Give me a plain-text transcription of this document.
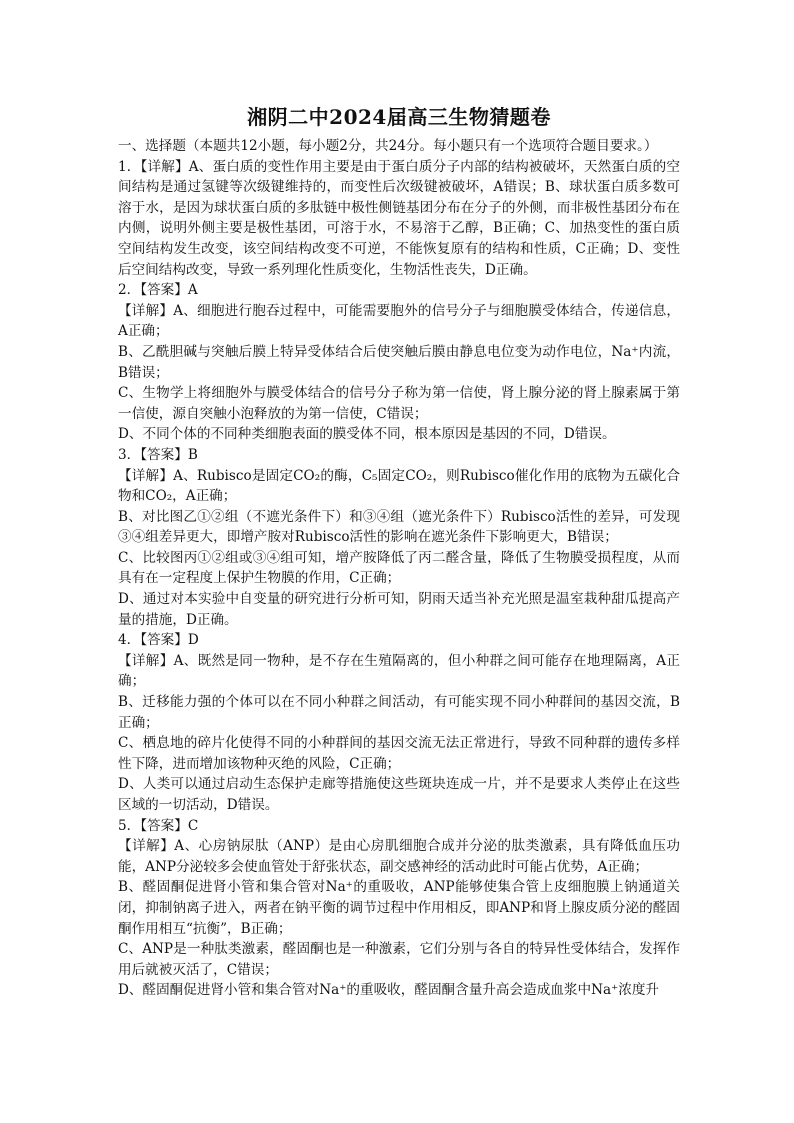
湘阴二中2024届高三生物猜题卷
一、选择题（本题共12小题，每小题2分，共24分。每小题只有一个选项符合题目要求。）

1．【详解】A、蛋白质的变性作用主要是由于蛋白质分子内部的结构被破坏，天然蛋白质的空间结构是通过氢键等次级键维持的，而变性后次级键被破坏，A错误；B、球状蛋白质多数可溶于水，是因为球状蛋白质的多肽链中极性侧链基团分布在分子的外侧，而非极性基团分布在内侧，说明外侧主要是极性基团，可溶于水，不易溶于乙醇，B正确；C、加热变性的蛋白质空间结构发生改变，该空间结构改变不可逆，不能恢复原有的结构和性质，C正确；D、变性后空间结构改变，导致一系列理化性质变化，生物活性丧失，D正确。

2．【答案】A

【详解】A、细胞进行胞吞过程中，可能需要胞外的信号分子与细胞膜受体结合，传递信息，A正确；

B、乙酰胆碱与突触后膜上特异受体结合后使突触后膜由静息电位变为动作电位，Na⁺内流，B错误；

C、生物学上将细胞外与膜受体结合的信号分子称为第一信使，肾上腺分泌的肾上腺素属于第一信使，源自突触小泡释放的为第一信使，C错误；

D、不同个体的不同种类细胞表面的膜受体不同，根本原因是基因的不同，D错误。

3．【答案】B

【详解】A、Rubisco是固定CO₂的酶，C₅固定CO₂，则Rubisco催化作用的底物为五碳化合物和CO₂，A正确；

B、对比图乙①②组（不遮光条件下）和③④组（遮光条件下）Rubisco活性的差异，可发现③④组差异更大，即增产胺对Rubisco活性的影响在遮光条件下影响更大，B错误；

C、比较图丙①②组或③④组可知，增产胺降低了丙二醛含量，降低了生物膜受损程度，从而具有在一定程度上保护生物膜的作用，C正确；

D、通过对本实验中自变量的研究进行分析可知，阴雨天适当补充光照是温室栽种甜瓜提高产量的措施，D正确。

4．【答案】D

【详解】A、既然是同一物种，是不存在生殖隔离的，但小种群之间可能存在地理隔离，A正确；

B、迁移能力强的个体可以在不同小种群之间活动，有可能实现不同小种群间的基因交流，B正确；

C、栖息地的碎片化使得不同的小种群间的基因交流无法正常进行，导致不同种群的遗传多样性下降，进而增加该物种灭绝的风险，C正确；

D、人类可以通过启动生态保护走廊等措施使这些斑块连成一片，并不是要求人类停止在这些区域的一切活动，D错误。

5．【答案】C

【详解】A、心房钠尿肽（ANP）是由心房肌细胞合成并分泌的肽类激素，具有降低血压功能，ANP分泌较多会使血管处于舒张状态，副交感神经的活动此时可能占优势，A正确；

B、醛固酮促进肾小管和集合管对Na⁺的重吸收，ANP能够使集合管上皮细胞膜上钠通道关闭，抑制钠离子进入，两者在钠平衡的调节过程中作用相反，即ANP和肾上腺皮质分泌的醛固酮作用相互“抗衡”，B正确；

C、ANP是一种肽类激素，醛固酮也是一种激素，它们分别与各自的特异性受体结合，发挥作用后就被灭活了，C错误；

D、醛固酮促进肾小管和集合管对Na⁺的重吸收，醛固酮含量升高会造成血浆中Na⁺浓度升
